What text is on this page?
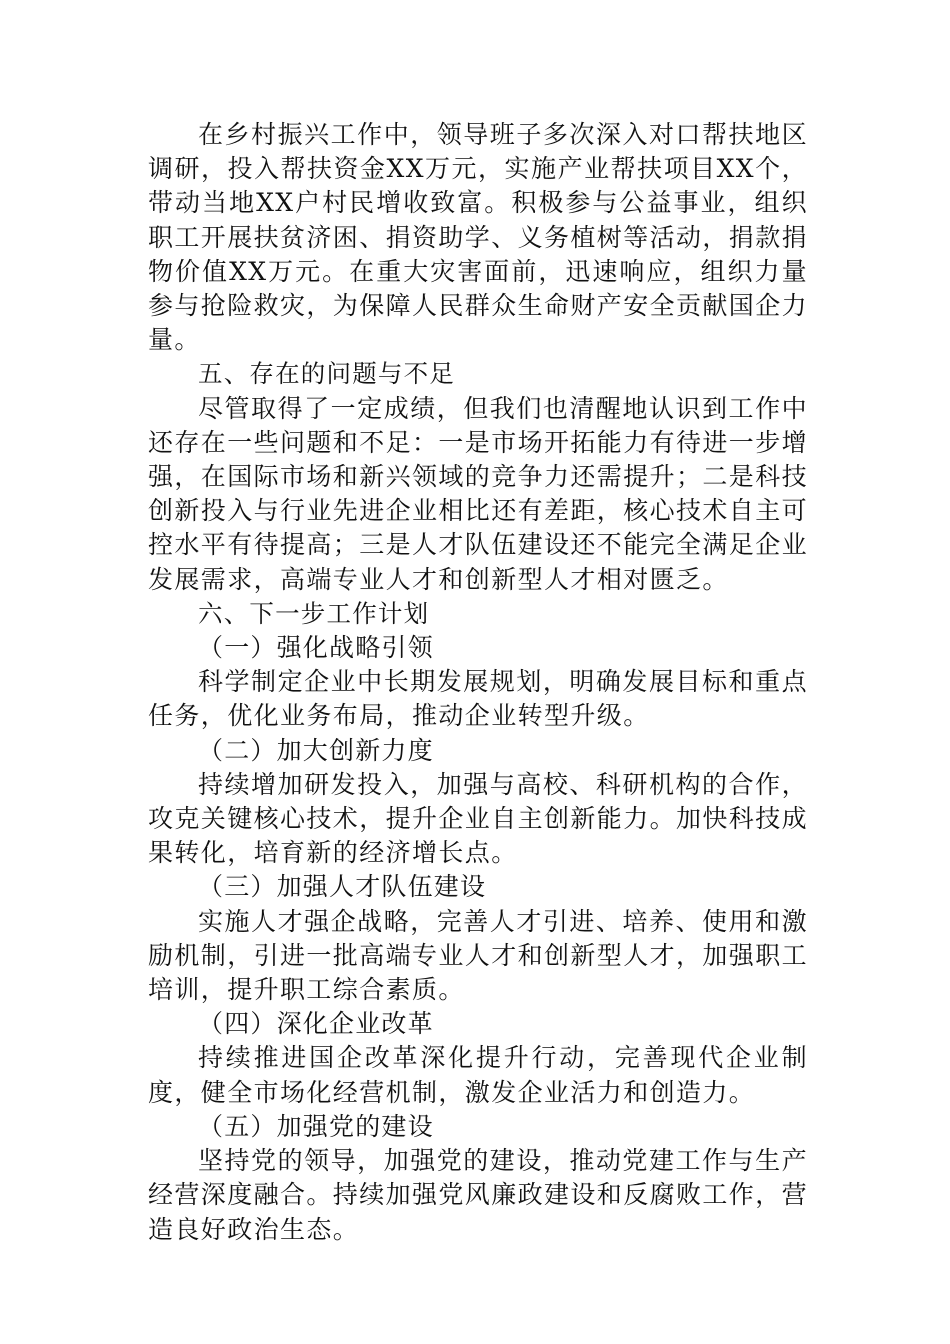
在乡村振兴工作中，领导班子多次深入对口帮扶地区调研，投入帮扶资金XX万元，实施产业帮扶项目XX个，带动当地XX户村民增收致富。积极参与公益事业，组织职工开展扶贫济困、捐资助学、义务植树等活动，捐款捐物价值XX万元。在重大灾害面前，迅速响应，组织力量参与抢险救灾，为保障人民群众生命财产安全贡献国企力量。

五、存在的问题与不足

尽管取得了一定成绩，但我们也清醒地认识到工作中还存在一些问题和不足：一是市场开拓能力有待进一步增强，在国际市场和新兴领域的竞争力还需提升；二是科技创新投入与行业先进企业相比还有差距，核心技术自主可控水平有待提高；三是人才队伍建设还不能完全满足企业发展需求，高端专业人才和创新型人才相对匮乏。

六、下一步工作计划

（一）强化战略引领

科学制定企业中长期发展规划，明确发展目标和重点任务，优化业务布局，推动企业转型升级。

（二）加大创新力度

持续增加研发投入，加强与高校、科研机构的合作，攻克关键核心技术，提升企业自主创新能力。加快科技成果转化，培育新的经济增长点。

（三）加强人才队伍建设

实施人才强企战略，完善人才引进、培养、使用和激励机制，引进一批高端专业人才和创新型人才，加强职工培训，提升职工综合素质。

（四）深化企业改革

持续推进国企改革深化提升行动，完善现代企业制度，健全市场化经营机制，激发企业活力和创造力。

（五）加强党的建设

坚持党的领导，加强党的建设，推动党建工作与生产经营深度融合。持续加强党风廉政建设和反腐败工作，营造良好政治生态。
